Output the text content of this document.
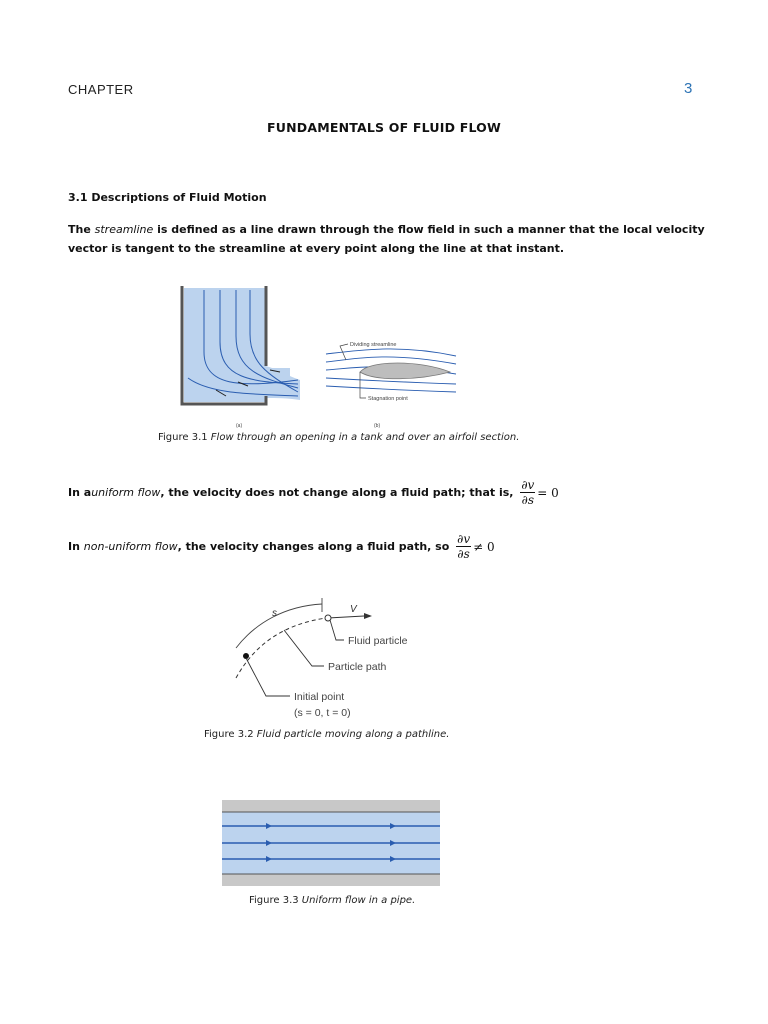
CHAPTER	3
FUNDAMENTALS OF FLUID FLOW
3.1 Descriptions of Fluid Motion
The streamline is defined as a line drawn through the flow field in such a manner that the local velocity vector is tangent to the streamline at every point along the line at that instant.
Dividing streamline
Stagnation point
(a)	(b)
Figure 3.1 Flow through an opening in a tank and over an airfoil section.
In a uniform flow , the velocity does not change along a fluid path; that is, $\frac{\partial v}{\partial s} = 0$
In non-uniform flow , the velocity changes along a fluid path, so $\frac{\partial v}{\partial s} \ne 0$
s	V
Fluid particle
Particle path
Initial point
(s = 0, t = 0)
Figure 3.2 Fluid particle moving along a pathline.
Figure 3.3 Uniform flow in a pipe.
